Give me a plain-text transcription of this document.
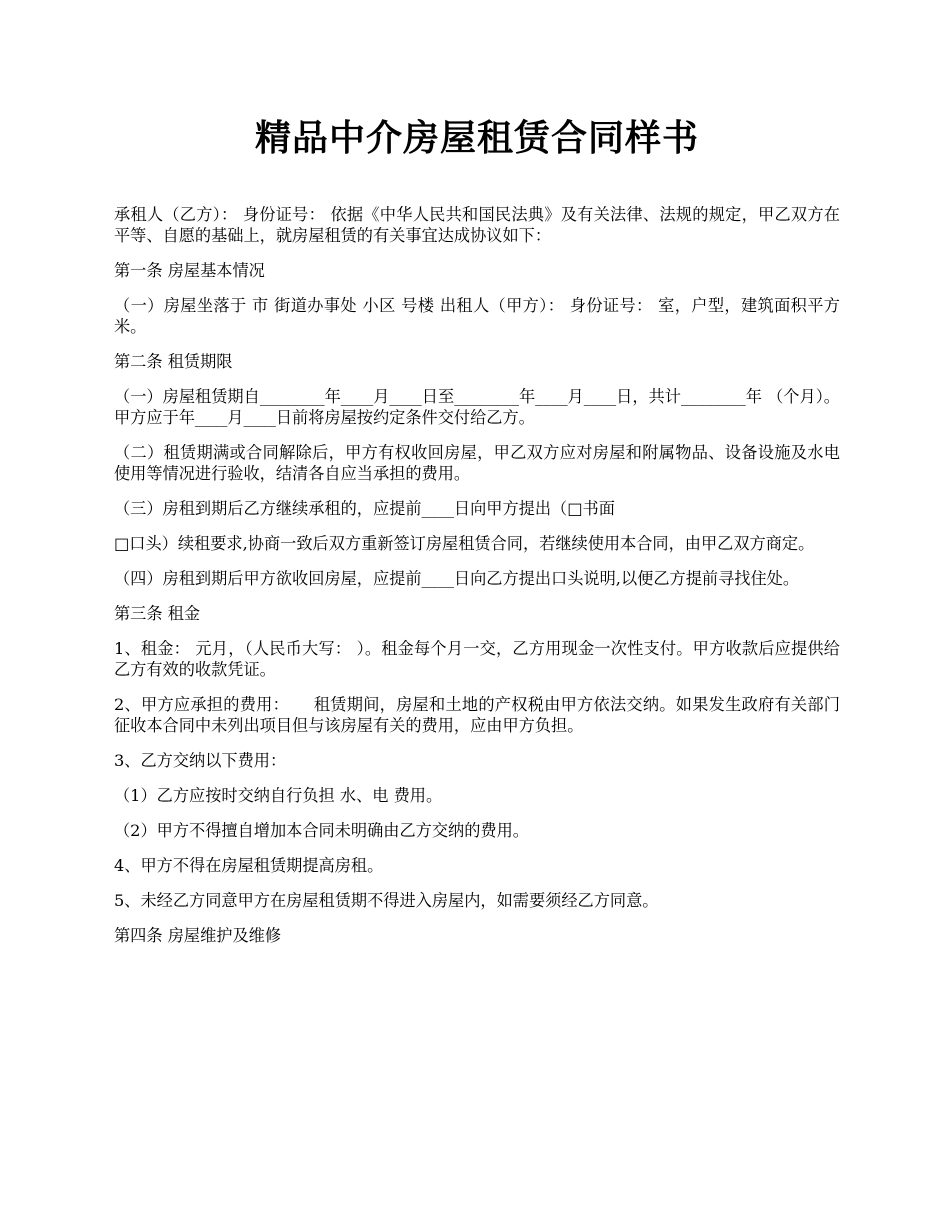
精品中介房屋租赁合同样书

承租人（乙方）： 身份证号： 依据《中华人民共和国民法典》及有关法律、法规的规定，甲乙双方在平等、自愿的基础上，就房屋租赁的有关事宜达成协议如下：

第一条 房屋基本情况

（一）房屋坐落于 市 街道办事处 小区 号楼 出租人（甲方）： 身份证号： 室，户型，建筑面积平方米。

第二条 租赁期限

（一）房屋租赁期自________年____月____日至________年____月____日，共计________年 （个月）。甲方应于年____月____日前将房屋按约定条件交付给乙方。

（二）租赁期满或合同解除后，甲方有权收回房屋，甲乙双方应对房屋和附属物品、设备设施及水电使用等情况进行验收，结清各自应当承担的费用。

（三）房租到期后乙方继续承租的，应提前____日向甲方提出（□书面

□口头）续租要求,协商一致后双方重新签订房屋租赁合同，若继续使用本合同，由甲乙双方商定。

（四）房租到期后甲方欲收回房屋，应提前____日向乙方提出口头说明,以便乙方提前寻找住处。

第三条 租金

1、租金： 元月，（人民币大写： ）。租金每个月一交，乙方用现金一次性支付。甲方收款后应提供给乙方有效的收款凭证。

2、甲方应承担的费用：　　租赁期间，房屋和土地的产权税由甲方依法交纳。如果发生政府有关部门征收本合同中未列出项目但与该房屋有关的费用，应由甲方负担。

3、乙方交纳以下费用：

（1）乙方应按时交纳自行负担 水、电 费用。

（2）甲方不得擅自增加本合同未明确由乙方交纳的费用。

4、甲方不得在房屋租赁期提高房租。

5、未经乙方同意甲方在房屋租赁期不得进入房屋内，如需要须经乙方同意。

第四条 房屋维护及维修
